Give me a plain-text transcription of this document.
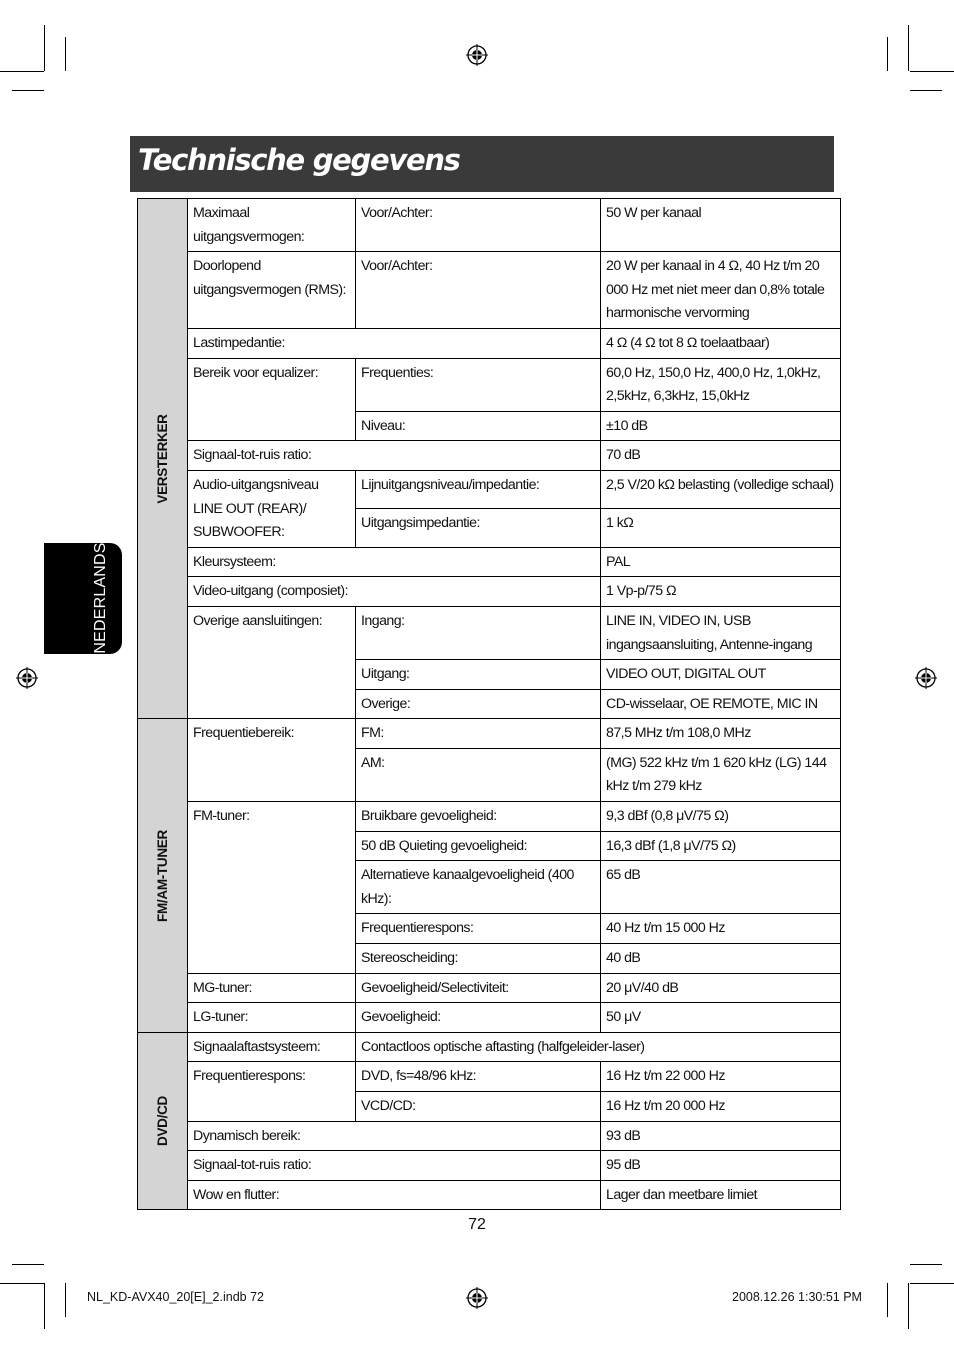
Technische gegevens
NEDERLANDS
VERSTERKER	Maximaal uitgangsvermogen:	Voor/Achter:	50 W per kanaal
	Doorlopend uitgangsvermogen (RMS):	Voor/Achter:	20 W per kanaal in 4 Ω, 40 Hz t/m 20 000 Hz met niet meer dan 0,8% totale harmonische vervorming
	Lastimpedantie:		4 Ω (4 Ω tot 8 Ω toelaatbaar)
	Bereik voor equalizer:	Frequenties:	60,0 Hz, 150,0 Hz, 400,0 Hz, 1,0kHz, 2,5kHz, 6,3kHz, 15,0kHz
		Niveau:	±10 dB
	Signaal-tot-ruis ratio:		70 dB
	Audio-uitgangsniveau LINE OUT (REAR)/ SUBWOOFER:	Lijnuitgangsniveau/impedantie:	2,5 V/20 kΩ belasting (volledige schaal)
		Uitgangsimpedantie:	1 kΩ
	Kleursysteem:		PAL
	Video-uitgang (composiet):		1 Vp-p/75 Ω
	Overige aansluitingen:	Ingang:	LINE IN, VIDEO IN, USB ingangsaansluiting, Antenne-ingang
		Uitgang:	VIDEO OUT, DIGITAL OUT
		Overige:	CD-wisselaar, OE REMOTE, MIC IN

FM/AM-TUNER	Frequentiebereik:	FM:	87,5 MHz t/m 108,0 MHz
		AM:	(MG) 522 kHz t/m 1 620 kHz (LG) 144 kHz t/m 279 kHz
	FM-tuner:	Bruikbare gevoeligheid:	9,3 dBf (0,8 μV/75 Ω)
		50 dB Quieting gevoeligheid:	16,3 dBf (1,8 μV/75 Ω)
		Alternatieve kanaalgevoeligheid (400 kHz):	65 dB
		Frequentierespons:	40 Hz t/m 15 000 Hz
		Stereoscheiding:	40 dB
	MG-tuner:	Gevoeligheid/Selectiviteit:	20 μV/40 dB
	LG-tuner:	Gevoeligheid:	50 μV

DVD/CD	Signaalaftastsysteem:	Contactloos optische aftasting (halfgeleider-laser)	
	Frequentierespons:	DVD, fs=48/96 kHz:	16 Hz t/m 22 000 Hz
		VCD/CD:	16 Hz t/m 20 000 Hz
	Dynamisch bereik:		93 dB
	Signaal-tot-ruis ratio:		95 dB
	Wow en flutter:		Lager dan meetbare limiet
72
NL_KD-AVX40_20[E]_2.indb 72	2008.12.26 1:30:51 PM
